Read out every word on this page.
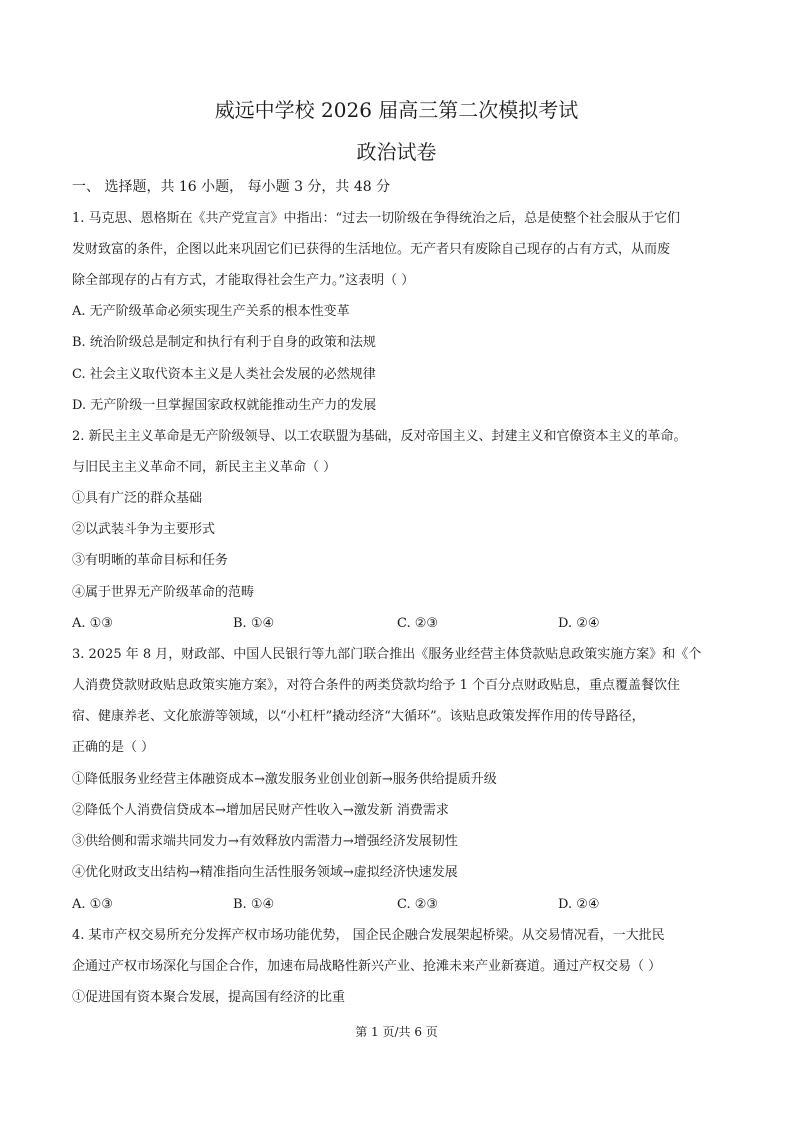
威远中学校 2026 届高三第二次模拟考试
政治试卷
一、 选择题，共 16 小题， 每小题 3 分，共 48 分
1. 马克思、恩格斯在《共产党宣言》中指出：“过去一切阶级在争得统治之后，总是使整个社会服从于它们
发财致富的条件，企图以此来巩固它们已获得的生活地位。无产者只有废除自己现存的占有方式，从而废
除全部现存的占有方式，才能取得社会生产力。”这表明（ ）
A. 无产阶级革命必须实现生产关系的根本性变革
B. 统治阶级总是制定和执行有利于自身的政策和法规
C. 社会主义取代资本主义是人类社会发展的必然规律
D. 无产阶级一旦掌握国家政权就能推动生产力的发展
2. 新民主主义革命是无产阶级领导、以工农联盟为基础，反对帝国主义、封建主义和官僚资本主义的革命。
与旧民主主义革命不同，新民主主义革命（ ）
①具有广泛的群众基础
②以武装斗争为主要形式
③有明晰的革命目标和任务
④属于世界无产阶级革命的范畴
A. ①③	B. ①④	C. ②③	D. ②④
3. 2025 年 8 月，财政部、中国人民银行等九部门联合推出《服务业经营主体贷款贴息政策实施方案》和《个
人消费贷款财政贴息政策实施方案》，对符合条件的两类贷款均给予 1 个百分点财政贴息，重点覆盖餐饮住
宿、健康养老、文化旅游等领域，以“小杠杆”撬动经济“大循环”。该贴息政策发挥作用的传导路径，
正确的是（ ）
①降低服务业经营主体融资成本→激发服务业创业创新→服务供给提质升级
②降低个人消费信贷成本→增加居民财产性收入→激发新 消费需求
③供给侧和需求端共同发力→有效释放内需潜力→增强经济发展韧性
④优化财政支出结构→精准指向生活性服务领域→虚拟经济快速发展
A. ①③	B. ①④	C. ②③	D. ②④
4. 某市产权交易所充分发挥产权市场功能优势， 国企民企融合发展架起桥梁。从交易情况看，一大批民
企通过产权市场深化与国企合作，加速布局战略性新兴产业、抢滩未来产业新赛道。通过产权交易（ ）
①促进国有资本聚合发展，提高国有经济的比重
第 1 页/共 6 页
